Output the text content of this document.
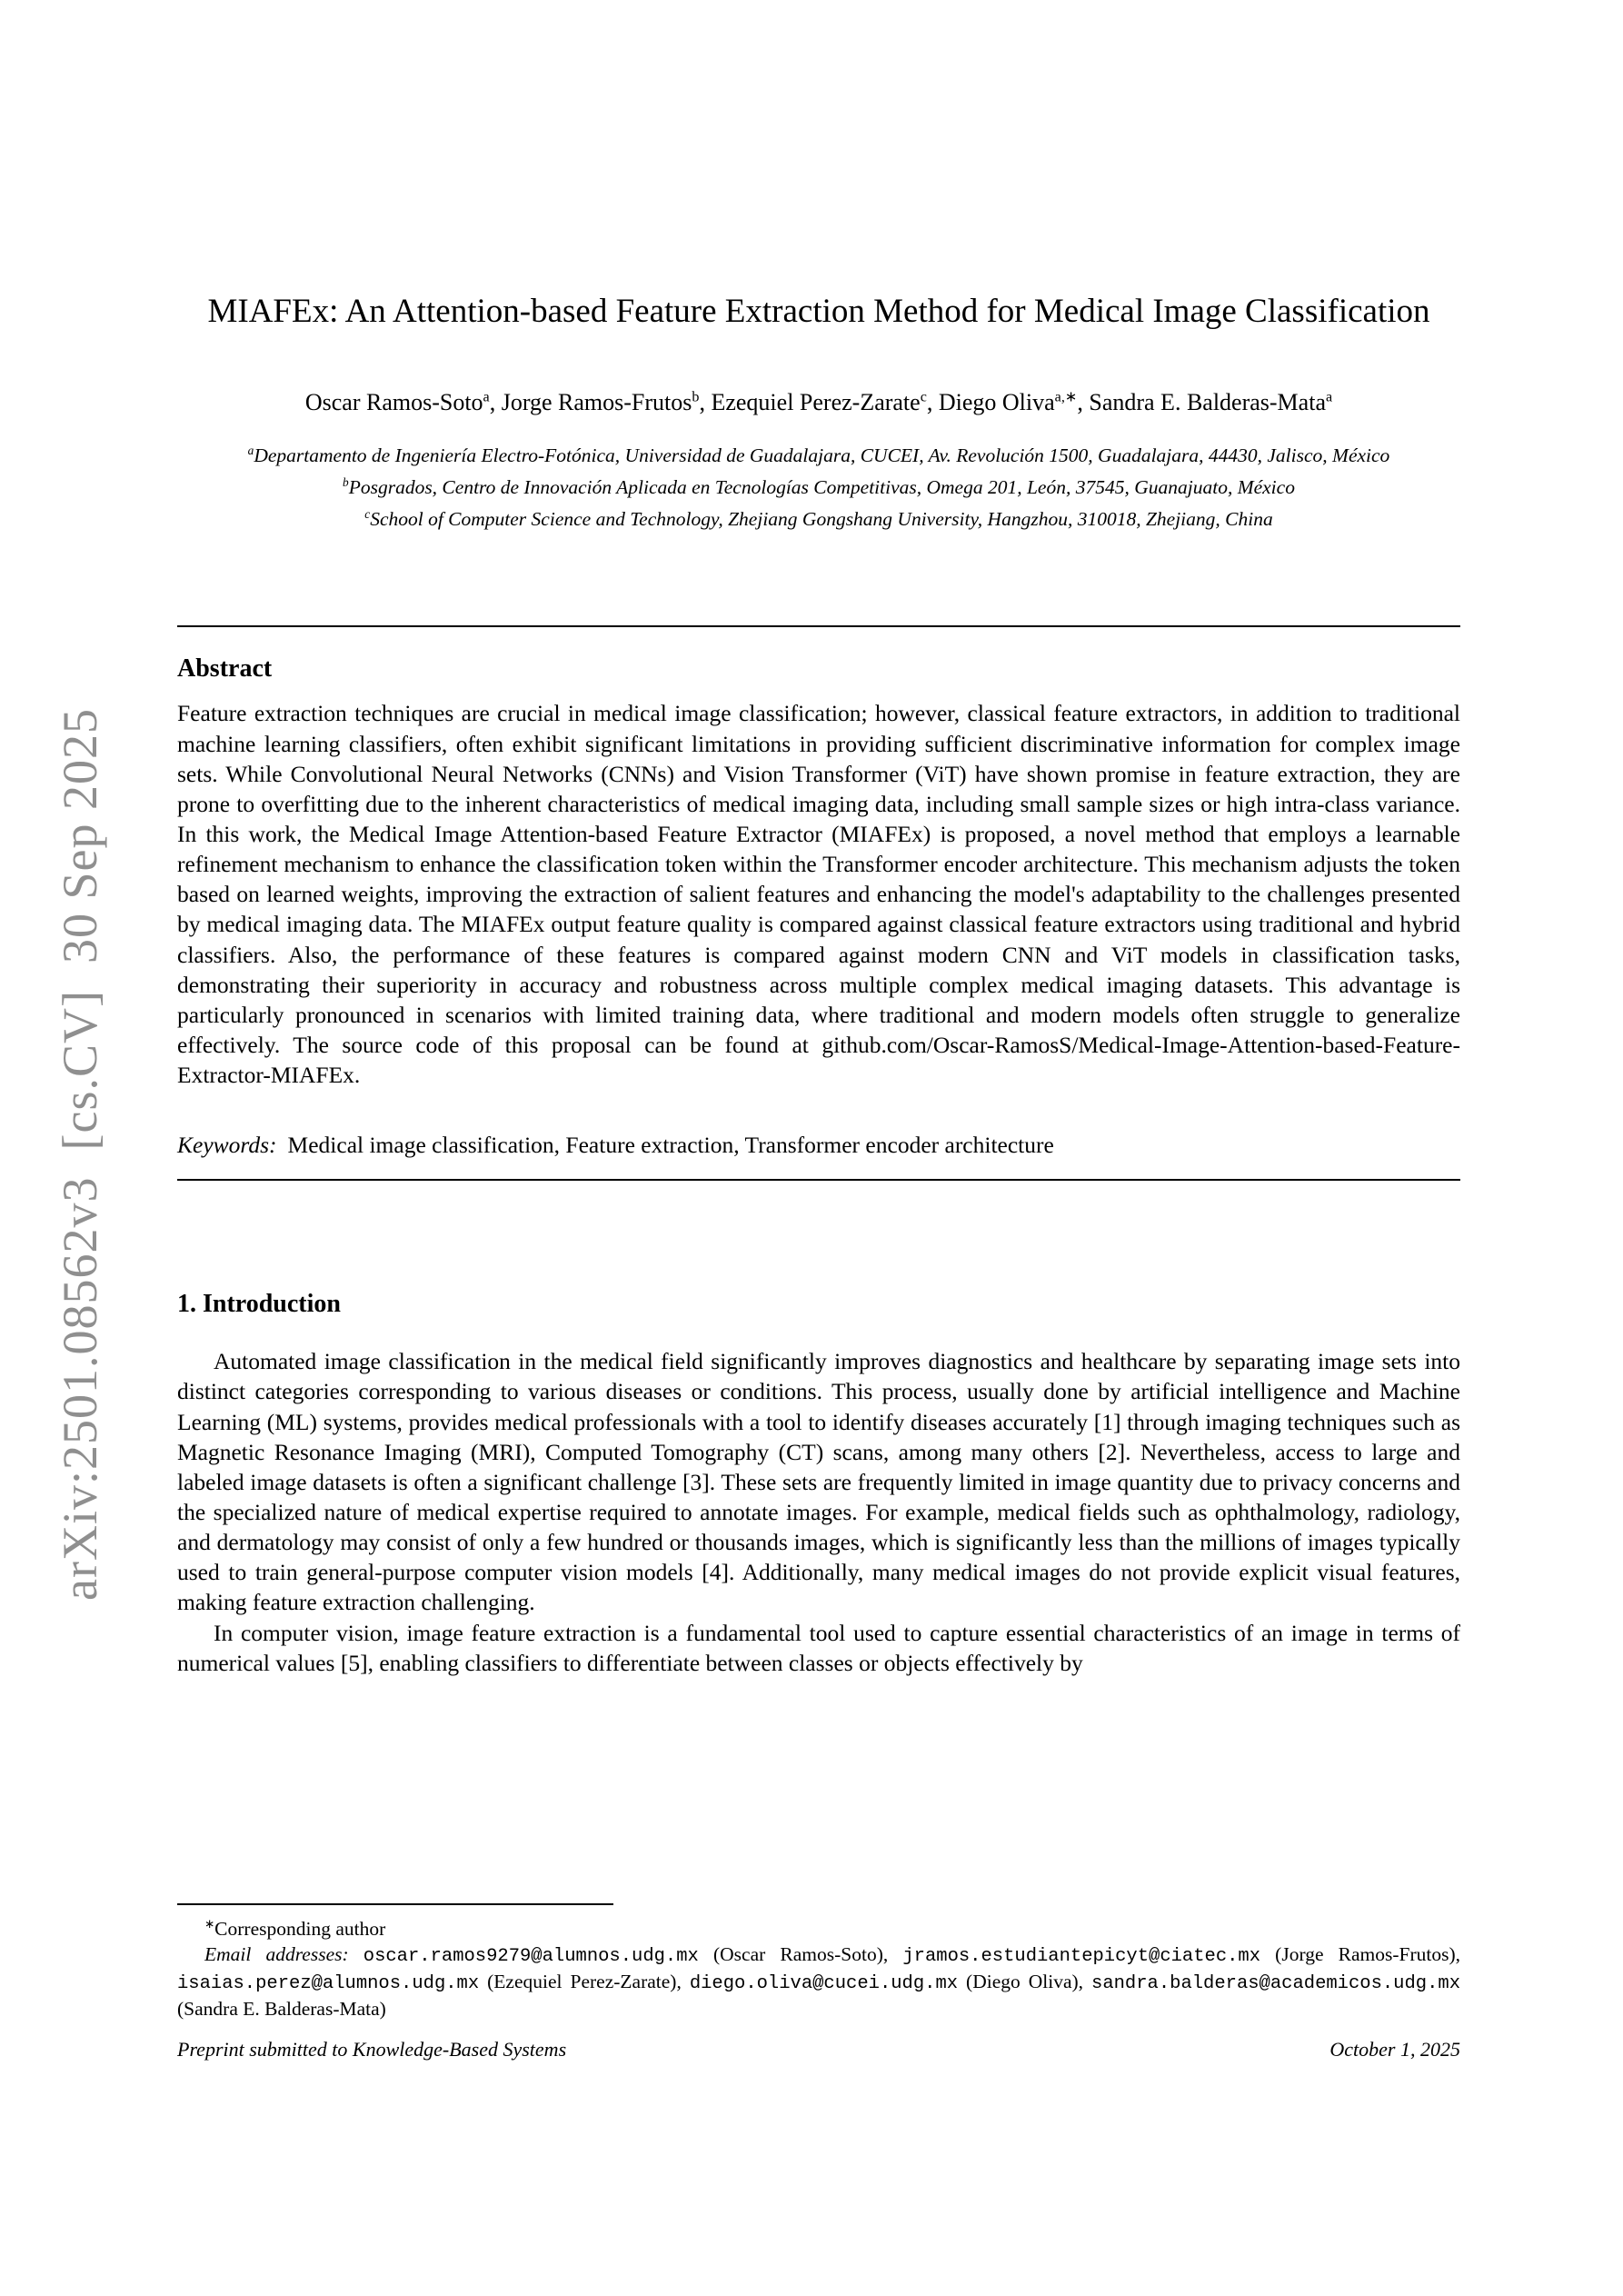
arXiv:2501.08562v3  [cs.CV]  30 Sep 2025
MIAFEx: An Attention-based Feature Extraction Method for Medical Image Classification
Oscar Ramos-Soto$^a$, Jorge Ramos-Frutos$^b$, Ezequiel Perez-Zarate$^c$, Diego Oliva$^{a,∗}$, Sandra E. Balderas-Mata$^a$
$^a$Departamento de Ingeniería Electro-Fotónica, Universidad de Guadalajara, CUCEI, Av. Revolución 1500, Guadalajara, 44430, Jalisco, México
$^b$Posgrados, Centro de Innovación Aplicada en Tecnologías Competitivas, Omega 201, León, 37545, Guanajuato, México
$^c$School of Computer Science and Technology, Zhejiang Gongshang University, Hangzhou, 310018, Zhejiang, China
Abstract

Feature extraction techniques are crucial in medical image classification; however, classical feature extractors, in addition to traditional machine learning classifiers, often exhibit significant limitations in providing sufficient discriminative information for complex image sets. While Convolutional Neural Networks (CNNs) and Vision Transformer (ViT) have shown promise in feature extraction, they are prone to overfitting due to the inherent characteristics of medical imaging data, including small sample sizes or high intra-class variance. In this work, the Medical Image Attention-based Feature Extractor (MIAFEx) is proposed, a novel method that employs a learnable refinement mechanism to enhance the classification token within the Transformer encoder architecture. This mechanism adjusts the token based on learned weights, improving the extraction of salient features and enhancing the model's adaptability to the challenges presented by medical imaging data. The MIAFEx output feature quality is compared against classical feature extractors using traditional and hybrid classifiers. Also, the performance of these features is compared against modern CNN and ViT models in classification tasks, demonstrating their superiority in accuracy and robustness across multiple complex medical imaging datasets. This advantage is particularly pronounced in scenarios with limited training data, where traditional and modern models often struggle to generalize effectively. The source code of this proposal can be found at github.com/Oscar-RamosS/Medical-Image-Attention-based-Feature-Extractor-MIAFEx.

Keywords: Medical image classification, Feature extraction, Transformer encoder architecture

1. Introduction

Automated image classification in the medical field significantly improves diagnostics and healthcare by separating image sets into distinct categories corresponding to various diseases or conditions. This process, usually done by artificial intelligence and Machine Learning (ML) systems, provides medical professionals with a tool to identify diseases accurately [1] through imaging techniques such as Magnetic Resonance Imaging (MRI), Computed Tomography (CT) scans, among many others [2]. Nevertheless, access to large and labeled image datasets is often a significant challenge [3]. These sets are frequently limited in image quantity due to privacy concerns and the specialized nature of medical expertise required to annotate images. For example, medical fields such as ophthalmology, radiology, and dermatology may consist of only a few hundred or thousands images, which is significantly less than the millions of images typically used to train general-purpose computer vision models [4]. Additionally, many medical images do not provide explicit visual features, making feature extraction challenging.

In computer vision, image feature extraction is a fundamental tool used to capture essential characteristics of an image in terms of numerical values [5], enabling classifiers to differentiate between classes or objects effectively by

∗Corresponding author

Email addresses: oscar.ramos9279@alumnos.udg.mx (Oscar Ramos-Soto), jramos.estudiantepicyt@ciatec.mx (Jorge Ramos-Frutos), isaias.perez@alumnos.udg.mx (Ezequiel Perez-Zarate), diego.oliva@cucei.udg.mx (Diego Oliva), sandra.balderas@academicos.udg.mx (Sandra E. Balderas-Mata)

Preprint submitted to Knowledge-Based Systems	October 1, 2025
